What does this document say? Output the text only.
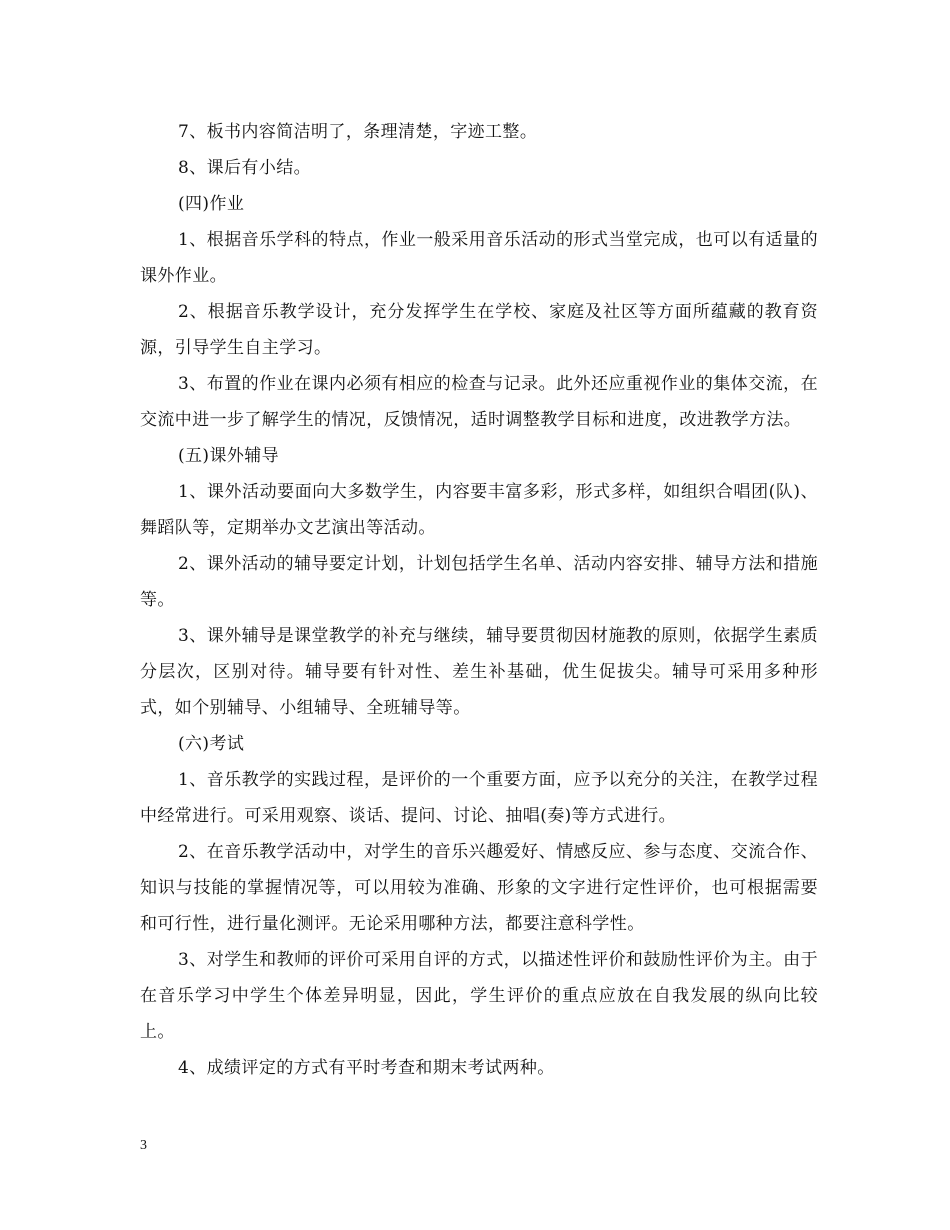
7、板书内容简洁明了，条理清楚，字迹工整。

8、课后有小结。

(四)作业

1、根据音乐学科的特点，作业一般采用音乐活动的形式当堂完成，也可以有适量的课外作业。

2、根据音乐教学设计，充分发挥学生在学校、家庭及社区等方面所蕴藏的教育资源，引导学生自主学习。

3、布置的作业在课内必须有相应的检查与记录。此外还应重视作业的集体交流，在交流中进一步了解学生的情况，反馈情况，适时调整教学目标和进度，改进教学方法。

(五)课外辅导

1、课外活动要面向大多数学生，内容要丰富多彩，形式多样，如组织合唱团(队)、舞蹈队等，定期举办文艺演出等活动。

2、课外活动的辅导要定计划，计划包括学生名单、活动内容安排、辅导方法和措施等。

3、课外辅导是课堂教学的补充与继续，辅导要贯彻因材施教的原则，依据学生素质分层次，区别对待。辅导要有针对性、差生补基础，优生促拔尖。辅导可采用多种形式，如个别辅导、小组辅导、全班辅导等。

(六)考试

1、音乐教学的实践过程，是评价的一个重要方面，应予以充分的关注，在教学过程中经常进行。可采用观察、谈话、提问、讨论、抽唱(奏)等方式进行。

2、在音乐教学活动中，对学生的音乐兴趣爱好、情感反应、参与态度、交流合作、知识与技能的掌握情况等，可以用较为准确、形象的文字进行定性评价，也可根据需要和可行性，进行量化测评。无论采用哪种方法，都要注意科学性。

3、对学生和教师的评价可采用自评的方式，以描述性评价和鼓励性评价为主。由于在音乐学习中学生个体差异明显，因此，学生评价的重点应放在自我发展的纵向比较上。

4、成绩评定的方式有平时考查和期末考试两种。

3
